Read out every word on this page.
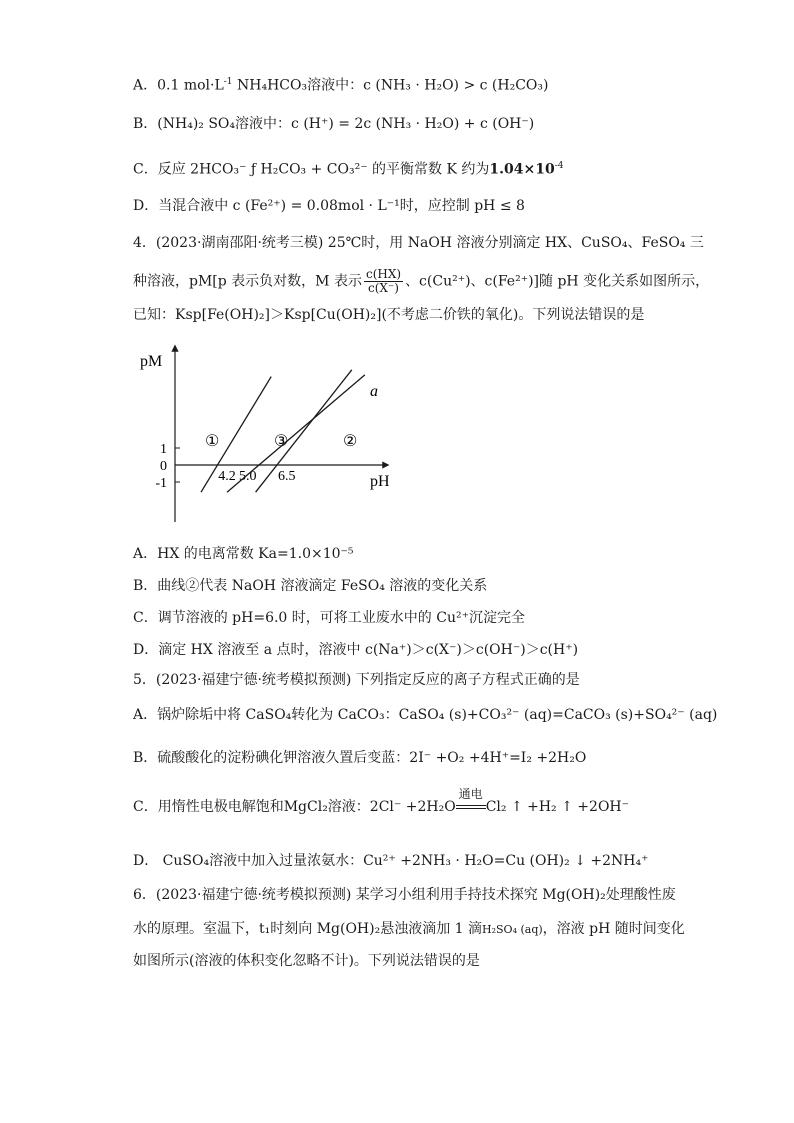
A．0.1 $mol\cdot L^{-1}$ NH₄HCO₃溶液中：c (NH₃ · H₂O) > c (H₂CO₃)
B．(NH₄)₂ SO₄溶液中：c (H⁺) = 2c (NH₃ · H₂O) + c (OH⁻)
C．反应 2HCO₃⁻ ƒ H₂CO₃ + CO₃²⁻ 的平衡常数 K 约为$1.04\times 10^{-4}$
D．当混合液中 c (Fe²⁺) = 0.08mol · L⁻¹时，应控制 pH ≤ 8
4．(2023·湖南邵阳·统考三模) 25℃时，用 NaOH 溶液分别滴定 HX、CuSO₄、FeSO₄ 三
种溶液，pM[p 表示负对数，M 表示 $\frac{c(HX)}{c(X^-)}$ 、c(Cu²⁺)、c(Fe²⁺)]随 pH 变化关系如图所示，
已知：Ksp[Fe(OH)₂]＞Ksp[Cu(OH)₂](不考虑二价铁的氧化)。下列说法错误的是
pM
pH
1
0
-1	4.2 5.0 6.5
①	③	②
a
A．HX 的电离常数 Ka=1.0×10⁻⁵
B．曲线②代表 NaOH 溶液滴定 FeSO₄ 溶液的变化关系
C．调节溶液的 pH=6.0 时，可将工业废水中的 Cu²⁺沉淀完全
D．滴定 HX 溶液至 a 点时，溶液中 c(Na⁺)＞c(X⁻)＞c(OH⁻)＞c(H⁺)
5．(2023·福建宁德·统考模拟预测) 下列指定反应的离子方程式正确的是
A．锅炉除垢中将 CaSO₄转化为 CaCO₃：CaSO₄ (s)+CO₃²⁻ (aq)=CaCO₃ (s)+SO₄²⁻ (aq)
B．硫酸酸化的淀粉碘化钾溶液久置后变蓝：2I⁻ +O₂ +4H⁺=I₂ +2H₂O
C．用惰性电极电解饱和MgCl₂溶液：2Cl⁻ +2H₂O
通电
Cl₂ ↑ +H₂ ↑ +2OH⁻
D． CuSO₄溶液中加入过量浓氨水：Cu²⁺ +2NH₃ · H₂O=Cu (OH)₂ ↓ +2NH₄⁺
6．(2023·福建宁德·统考模拟预测) 某学习小组利用手持技术探究 Mg(OH)₂处理酸性废
水的原理。室温下，t₁时刻向 Mg(OH)₂悬浊液滴加 1 滴H₂SO₄ (aq)，溶液 pH 随时间变化
如图所示(溶液的体积变化忽略不计)。下列说法错误的是
